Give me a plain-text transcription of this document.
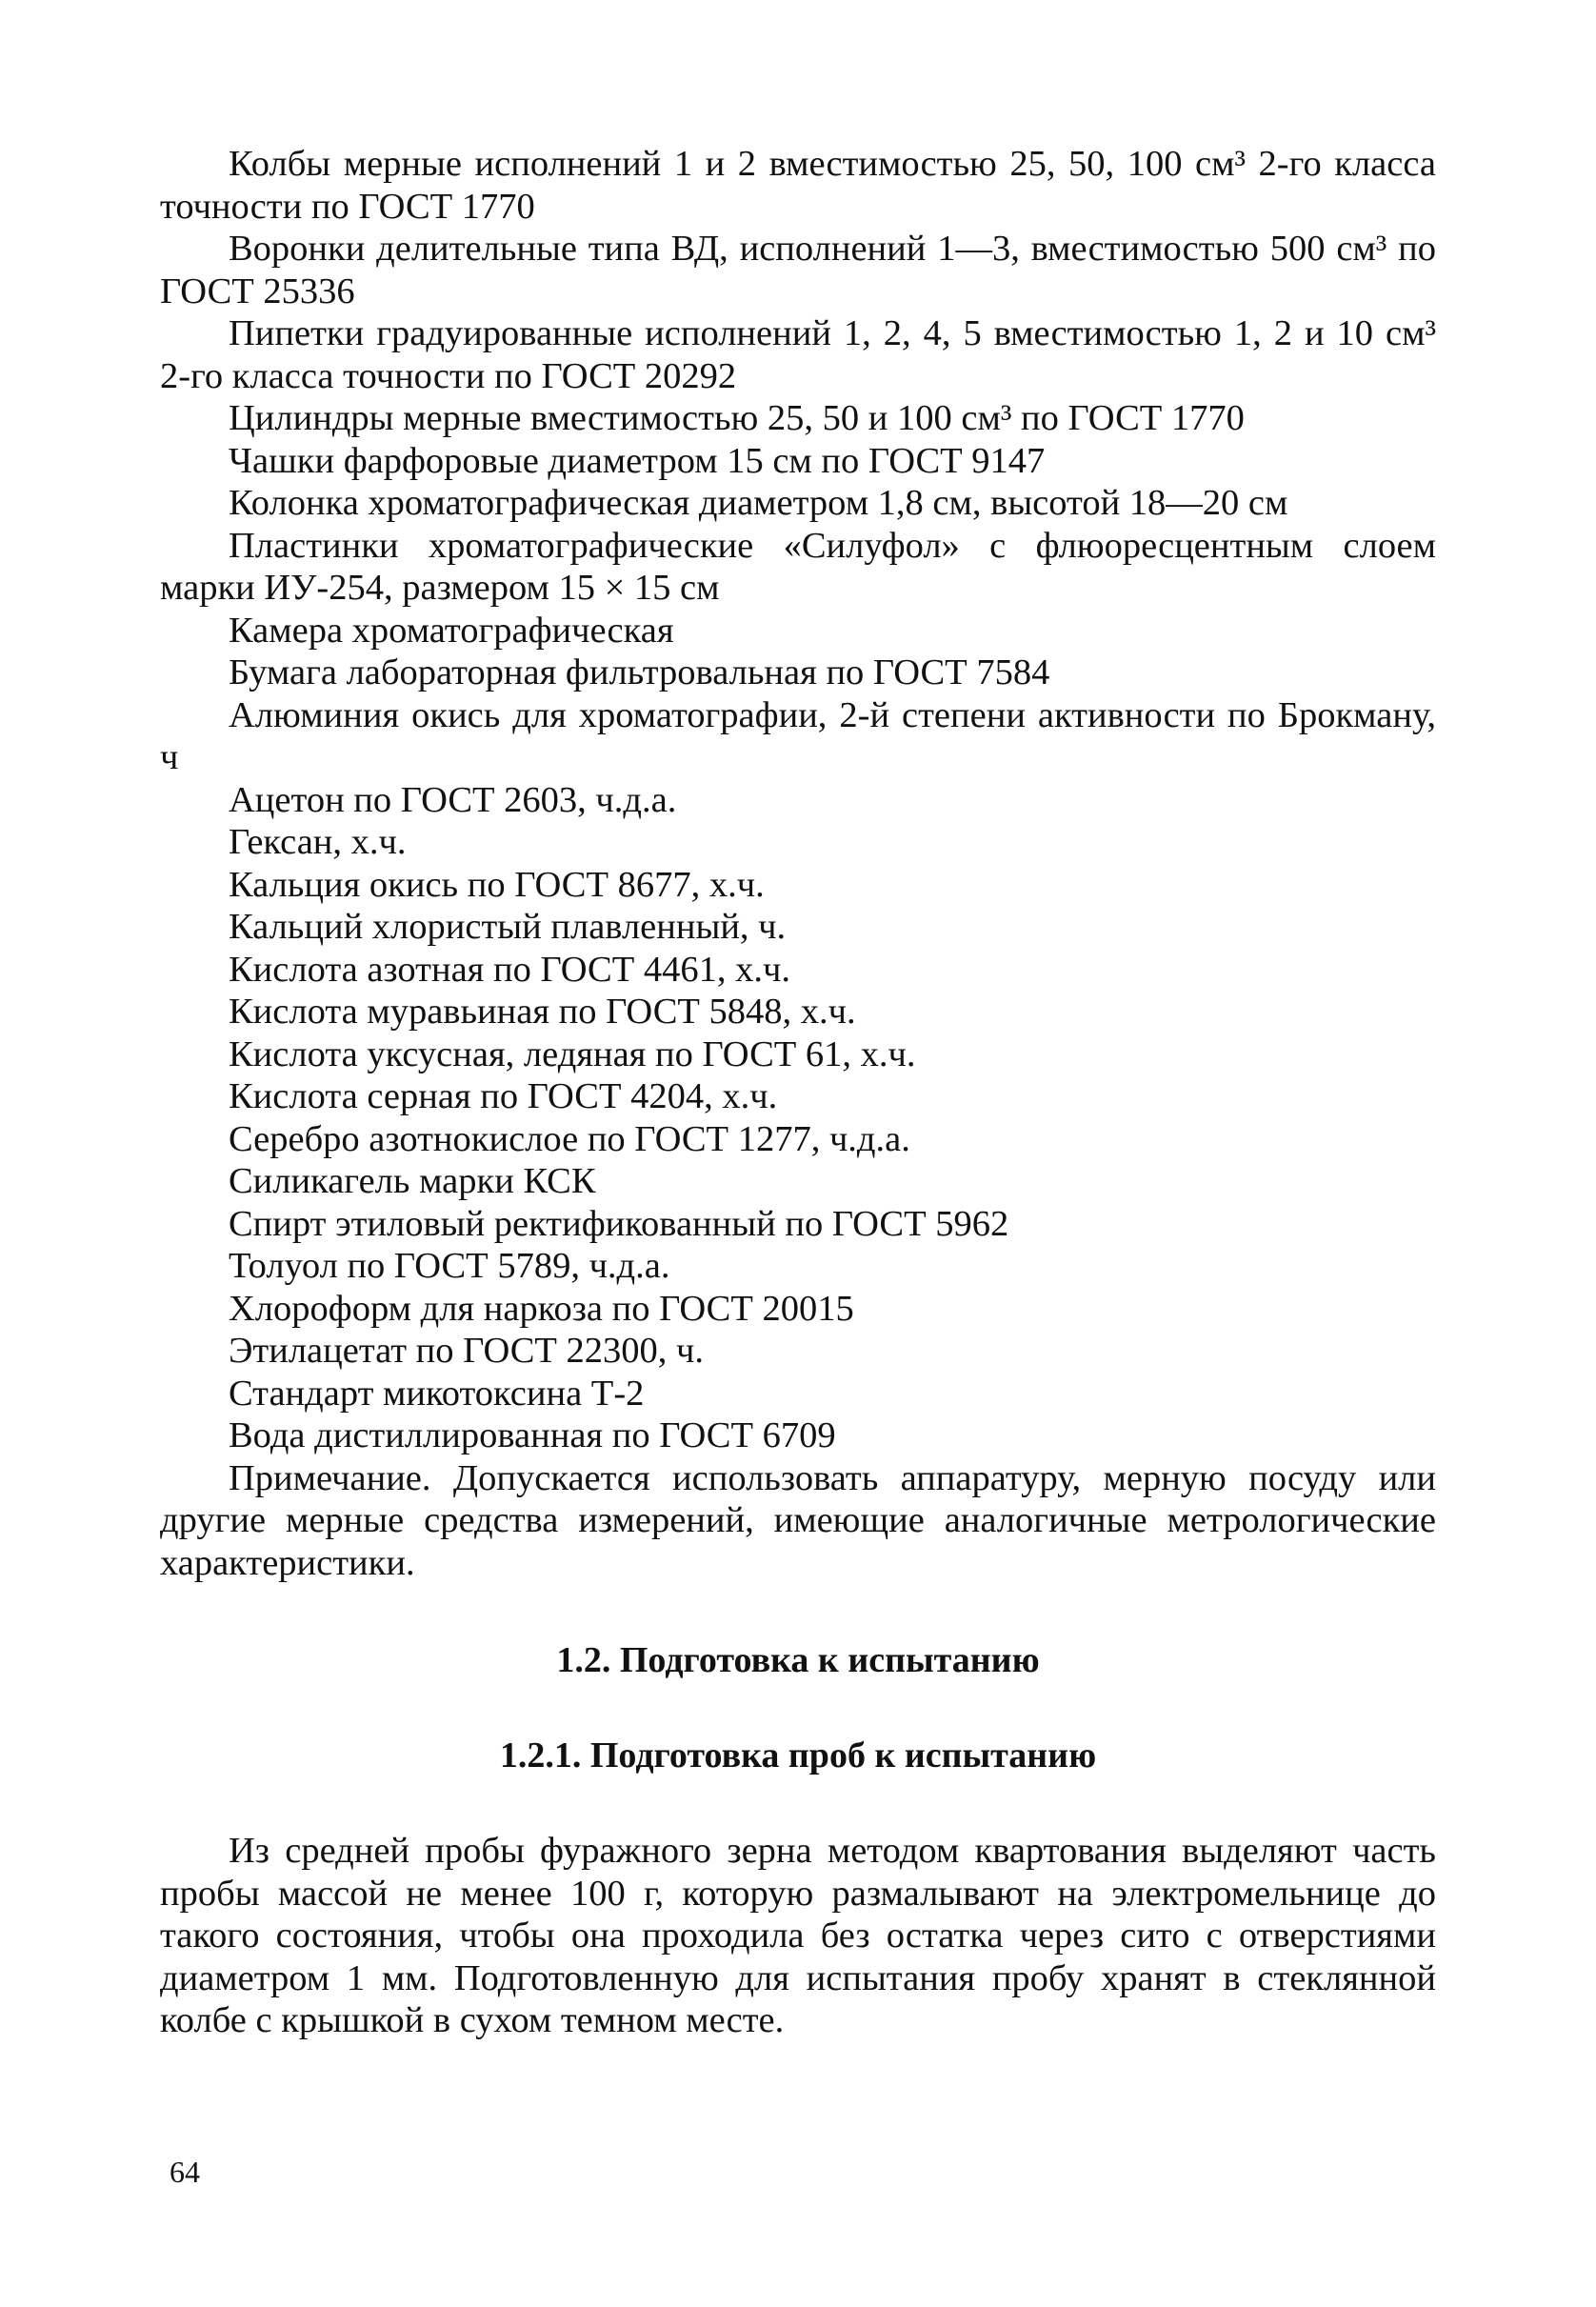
Колбы мерные исполнений 1 и 2 вместимостью 25, 50, 100 см³ 2-го класса точности по ГОСТ 1770

Воронки делительные типа ВД, исполнений 1—3, вместимостью 500 см³ по ГОСТ 25336

Пипетки градуированные исполнений 1, 2, 4, 5 вместимостью 1, 2 и 10 см³ 2-го класса точности по ГОСТ 20292

Цилиндры мерные вместимостью 25, 50 и 100 см³ по ГОСТ 1770

Чашки фарфоровые диаметром 15 см по ГОСТ 9147

Колонка хроматографическая диаметром 1,8 см, высотой 18—20 см

Пластинки хроматографические «Силуфол» с флюоресцентным слоем марки ИУ-254, размером 15 × 15 см

Камера хроматографическая

Бумага лабораторная фильтровальная по ГОСТ 7584

Алюминия окись для хроматографии, 2-й степени активности по Брокману, ч

Ацетон по ГОСТ 2603, ч.д.а.

Гексан, х.ч.

Кальция окись по ГОСТ 8677, х.ч.

Кальций хлористый плавленный, ч.

Кислота азотная по ГОСТ 4461, х.ч.

Кислота муравьиная по ГОСТ 5848, х.ч.

Кислота уксусная, ледяная по ГОСТ 61, х.ч.

Кислота серная по ГОСТ 4204, х.ч.

Серебро азотнокислое по ГОСТ 1277, ч.д.а.

Силикагель марки КСК

Спирт этиловый ректификованный по ГОСТ 5962

Толуол по ГОСТ 5789, ч.д.а.

Хлороформ для наркоза по ГОСТ 20015

Этилацетат по ГОСТ 22300, ч.

Стандарт микотоксина Т-2

Вода дистиллированная по ГОСТ 6709

Примечание. Допускается использовать аппаратуру, мерную посуду или другие мерные средства измерений, имеющие аналогичные метрологические характеристики.

1.2. Подготовка к испытанию
1.2.1. Подготовка проб к испытанию

Из средней пробы фуражного зерна методом квартования выделяют часть пробы массой не менее 100 г, которую размалывают на электромельнице до такого состояния, чтобы она проходила без остатка через сито с отверстиями диаметром 1 мм. Подготовленную для испытания пробу хранят в стеклянной колбе с крышкой в сухом темном месте.

64
